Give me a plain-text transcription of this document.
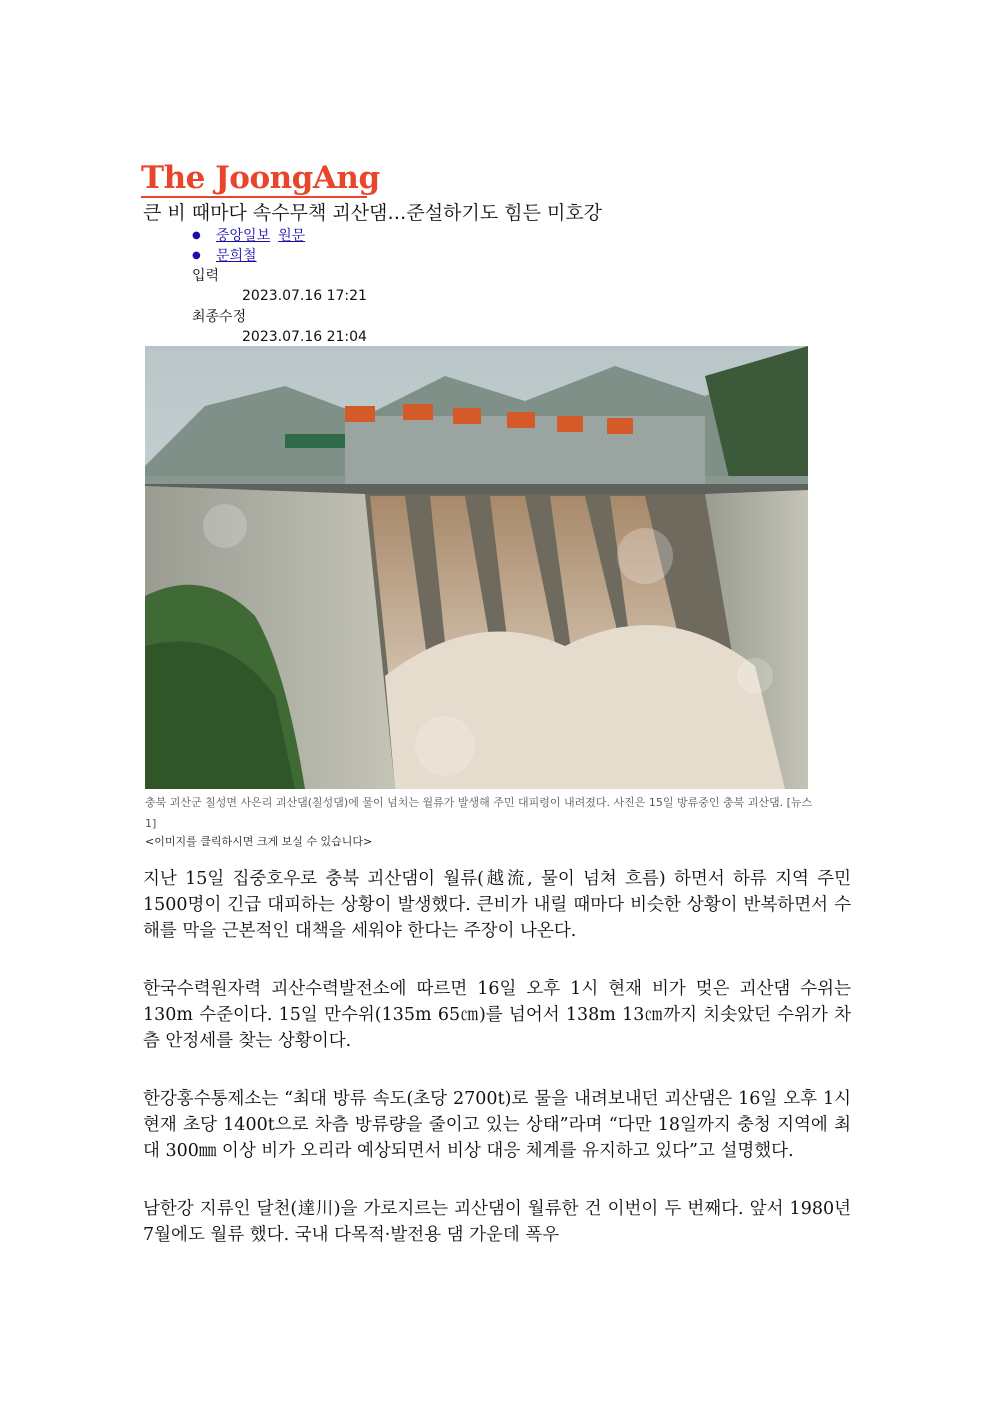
The JoongAng
큰 비 때마다 속수무책 괴산댐…준설하기도 힘든 미호강
● 중앙일보 원문
● 문희철
입력
2023.07.16 17:21
최종수정
2023.07.16 21:04
충북 괴산군 칠성면 사은리 괴산댐(칠성댐)에 물이 넘치는 월류가 발생해 주민 대피령이 내려졌다. 사진은 15일 방류중인 충북 괴산댐. [뉴스1]
<이미지를 클릭하시면 크게 보실 수 있습니다>

지난 15일 집중호우로 충북 괴산댐이 월류(越流, 물이 넘쳐 흐름) 하면서 하류 지역 주민 1500명이 긴급 대피하는 상황이 발생했다. 큰비가 내릴 때마다 비슷한 상황이 반복하면서 수해를 막을 근본적인 대책을 세워야 한다는 주장이 나온다.

한국수력원자력 괴산수력발전소에 따르면 16일 오후 1시 현재 비가 멎은 괴산댐 수위는 130m 수준이다. 15일 만수위(135m 65㎝)를 넘어서 138m 13㎝까지 치솟았던 수위가 차츰 안정세를 찾는 상황이다.

한강홍수통제소는 “최대 방류 속도(초당 2700t)로 물을 내려보내던 괴산댐은 16일 오후 1시 현재 초당 1400t으로 차츰 방류량을 줄이고 있는 상태”라며 “다만 18일까지 충청 지역에 최대 300㎜ 이상 비가 오리라 예상되면서 비상 대응 체계를 유지하고 있다”고 설명했다.

남한강 지류인 달천(達川)을 가로지르는 괴산댐이 월류한 건 이번이 두 번째다. 앞서 1980년 7월에도 월류 했다. 국내 다목적·발전용 댐 가운데 폭우
